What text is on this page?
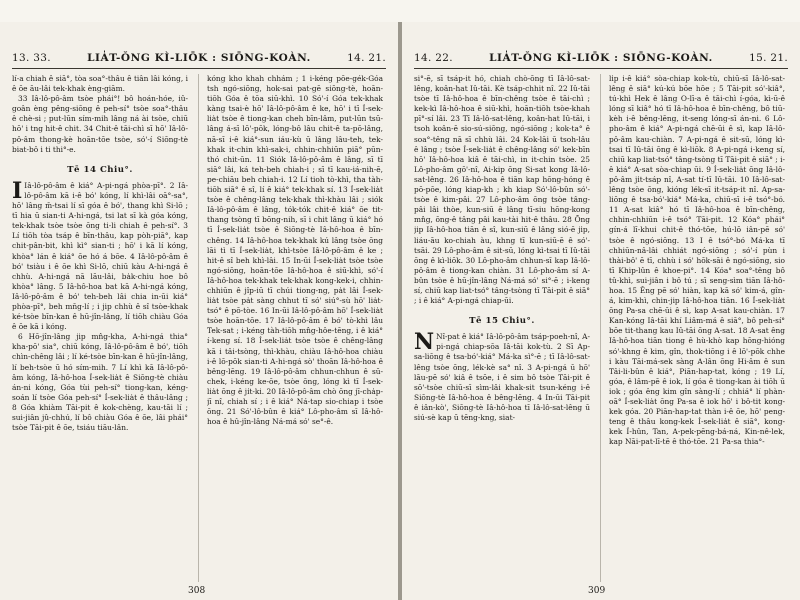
13. 33.	LIA̍T-ŎNG KÌ-LIŌK : SIŌNG-KOÀN.	14. 21.

lí-a chiah ê siā°, tòa soa°-thâu ê tiân lâi kóng, i ê ōe āu-lâi tek-khak èng-giām.

33 Iâ-lô-pô-âm tsòe phái°! bô hoán-hóe, iû-goân èng pêng-siōng ê peh-sí° tsòe soa°-thâu ê chè-si ; put-lūn sím-mih lâng ná ài tsòe, chiū hō' i tng hit-ê chit. 34 Chit-ê tāi-chì sī hō' Iâ-lô-pô-âm thong-kè hoān-tōe tsòe, só'-í Siōng-tè biat-bô i ti thi°-e.

Tē 14 Chiu°.

I Iâ-lô-pô-âm ê kiá° A-pi-ngá phòa-pī°. 2 Iâ-lô-pô-âm kā i-ê bó' kóng, lí khì-lâi oā°-sa°, hō' lâng m̄-tsai lí sī góa ê bó', thang khì Si-lō ; tī hia ū sian-ti A-hi-ngá, tsi lat sī kà góa kóng, tek-khak tsòe tsòe ōng ti-li chiah ê peh-sí°. 3 Lí tiōh tòa tsáp ê bīn-thâu, kap pòh-piā°, kap chit-pân-bit, khì kì° sian-ti ; hō' i kā lí kóng, khòa° lán ê kiá° ōe hó á bōe. 4 Iâ-lô-pô-âm ê bó' tsiàu i ê ōe khì Si-lō, chiū kàu A-hi-ngá ê chhù. A-hi-ngá nā lāu-lâi, ba̍k-chiu hoe bô khòa° lâng. 5 Iâ-hô-hoa bat kā A-hi-ngá kóng, Iâ-lô-pô-âm ê bó' teh-beh lâi chia in-ūi kiá° phòa-pī°, beh mn̄g-lí ; i jip chhù ê sî tsòe-khak ké-tsòe bīn-kan ê hū-jîn-lâng, lí tiōh chiàu Góa ê ōe kā i kóng.

6 Hō-jîn-lâng jip mn̂g-kha, A-hi-ngá thia° kha-pō' sia°, chiū kóng, Iâ-lô-pô-âm ê bó', tiōh chìn-chêng lâi ; lí ké-tsòe bīn-kan ê hū-jîn-lâng, lí beh-tsòe ū hó sím-mih. 7 Lí khì kā Iâ-lô-pô-âm kóng, Iâ-hô-hoa Í-sek-lia̍t ê Siōng-tè chiàu án-ni kóng, Góa tùi peh-sí° tiong-kan, kéng-soán lí tsòe Góa peh-sí° Í-sek-lia̍t ê thâu-lâng ; 8 Góa khiàm Tāi-pit ê kok-chèng, kau-tāi lí ; sui-jiân jû-chhú, lí bô chiàu Góa ê ōe, lâi phái° tsòe Tāi-pit ê ōe, tsiáu tiāu-lân.

kóng kho khah chhám ; 1 i-kéng pōe-gék-Góa tsh ngó-siōng, hok-sai pat-gē siōng-tè, hoān-tiōh Góa ê tōa siū-khì. 10 Só'-í Góa tek-khak kàng tsai-è hō' Iâ-lô-pô-âm ê ke, hō' i tī Í-sek-lia̍t tsòe ê tiong-kan cheh bīn-lâm, put-lūn tsū-lâng á-sī lō'-pōk, lóng-bô lâu chit-ê ta-pō-lâng, nā-sī i-ê kiá°-sun iáu-kù ū lâng lâu-teh, tek-khak it-chin khì-sak-i, chhin-chhiūn piā° pūn-thó chit-ūn. 11 Siók Iâ-lô-pô-âm ê lâng, sī tī siā° lâi, ká teh-beh chiah-i ; sī tī kau-iá-nih-ē, pe-chiāu beh chiah-i. 12 Lí tioh tò-khì, tha tàh-tiōh siā° ê sî, lí ê kiá° tek-khak sí. 13 Í-sek-lia̍t tsòe ê chêng-lâng tek-khak thì-khàu lâi ; siók Iâ-lô-pô-âm ê lâng, tók-tók chit-ê kiá° ōe tit-thang tsòng tī bōng-nih, sī i chit lâng ū kiá° hó tī Í-sek-lia̍t tsòe ê Siōng-tè Iâ-hô-hoa ê bīn-chêng. 14 Iâ-hô-hoa tek-khak kú lâng tsòe ōng lāi tì tī Í-sek-lia̍t, khì-tsòe Iâ-lô-pô-âm ê ke ; hit-ê sî beh khì-lâi. 15 In-ūi Í-sek-lia̍t tsòe tsòe ngó-siōng, hoān-tōe Iâ-hô-hoa ê siū-khì, só'-í Iâ-hô-hoa tek-khak tek-khak kong-kek-i, chhin-chhiūn ê jîp-iū tī chúi tiong-ng, pa̍t lâi Í-sek-lia̍t tsòe pa̍t sàng chhut tī só' siú°-sù hō' lia̍t-tsó° ê pō-tòe. 16 In-ūi Iâ-lô-pô-âm hō' Í-sek-lia̍t tsòe hoān-tōe. 17 Iâ-lô-pô-âm ê bó' tò-khì lâu Tek-sat ; i-kéng tàh-tiōh mn̂g-hôe-tēng, i ê kiá° í-keng sí. 18 Í-sek-lia̍t tsòe tsòe ê chêng-lâng kā i tâi-tsòng, thì-khàu, chiàu Iâ-hô-hoa chiàu i-ê lō-pōk sian-ti A-hi-ngá sò' thoān Iâ-hô-hoa ê bêng-lēng. 19 Iâ-lô-pô-âm chhun-chhun ê sū-chek, i-kéng ke-ōe, tsòe ōng, lóng kì tī Í-sek-lia̍t ōng ê ji̍t-ki. 20 Iâ-lô-pô-âm chò ōng jī-cha̍p-jī nî, chiah sí ; i ê kiá° Ná-tap sio-chiap i tsòe ōng. 21 Só'-lô-bûn ê kiá° Lô-pho-âm sī Iâ-hô-hoa ê hû-jîn-lâng Ná-má só' se°-ê.

308
14. 22.	LIA̍T-ŎNG KÌ-LIŌK : SIŌNG-KOÀN.	15. 21.

si°-ē, sī tsáp-it hó, chiah chò-ōng tī Iâ-lô-sat-lêng, koân-hat Iû-tāi. Kè tsáp-chhit nî. 22 Iû-tāi tsòe tī Iâ-hô-hoa ê bīn-chêng tsòe ê tāi-chì ; kek-kì Iâ-hô-hoa ê siū-khì, hoān-tiōh tsòe-khah pī°-sí lâi. 23 Tī Iâ-lô-sat-lêng, koân-hat Iû-tāi, i tsoh koân-ē sio-sú-siōng, ngó-siōng ; kok-ta° ê soa°-têng nā sī chhù lâi. 24 Kok-lāi ū tsoh-lâu ê lâng ; tsòe Í-sek-lia̍t ê chêng-lâng só' kek-bīn hō' Iâ-hô-hoa kiâ ê tāi-chì, in it-chin tsòe. 25 Lô-pho-âm gō'-nî, Ai-kip ōng Si-sat kong Iâ-lô-sat-lêng. 26 Iâ-hô-hoa ê tiān kap hōng-hóng ê pō-pōe, lóng kiap-kh ; kh kiap Só'-lô-bûn só'-tsòe ê kim-pâi. 27 Lô-pho-âm ōng tsòe tâng-pâi lâi thòe, kun-siū ê lâng tī-siu hōng-kong mn̂g, ōng-ê tâng pâi kau-tài hit-ê thâu. 28 Ōng jip Iâ-hô-hoa tiān ê sî, kun-siū ê lâng sió-ē ji̍p, liáu-āu ko-chiah àu, khng tī kun-siū-ē ê só'-tsāi. 29 Lô-pho-âm ê sit-sū, lóng kì-tsai tī Iû-tāi ōng ê kì-liōk. 30 Lô-pho-âm chhun-sī kap Iâ-lô-pô-âm ê tiong-kan chiàn. 31 Lô-pho-âm sí A-bûn tsòe ê hū-jîn-lâng Ná-má só' si°-ē ; i-keng sí, chiū kap liat-tsó° tâng-tsòng tī Tāi-pit ê siā° ; i ê kiá° A-pi-ngá chiap-ūi.

Tē 15 Chiu°.

N Nî-pat ê kiá° Iâ-lô-pô-âm tsáp-poeh-nî, A-pi-ngá chiap-sōa Iâ-tāi kok-tù. 2 Sī Ap-sa-liōng ê tsa-bó'-kiá° Má-ka sì°-ē ; tī Iâ-lô-sat-lêng tsòe ōng, lék-kè sa° nî. 3 A-pi-ngá ū hō' lāu-pē só' kiâ ê tsōe, i ê sim bô tsòe Tāi-pit ê sō'-tsòe chiū-sī sìm-lâi khak-sit tsun-kéng i-ê Siōng-tè Iâ-hô-hoa ê bêng-lēng. 4 In-ūi Tāi-pit ê iân-kò', Siōng-tè Iâ-hô-hoa tī Iâ-lô-sat-lêng ū siú-sè kap ū tēng-kng, siat-

li̍p i-ê kiá° sòa-chiap kok-tù, chiū-sī Iâ-lô-sat-lêng ê siā° kú-kú bōe hōe ; 5 Tāi-pit só'-kiâ°, tú-khì Hek ê lâng O-lī-a ê tāi-chì í-góa, kì-ū-ê lóng sī kiâ° hó tī Iâ-hô-hoa ê bīn-chêng, bô tiū-kèh i-ê bêng-lēng, it-seng lóng-sī án-ni. 6 Lô-pho-âm ê kiá° A-pi-ngá chē-ūi ê sì, kap Iâ-lô-pô-âm kau-chiàn. 7 A-pi-ngá ê sit-sū, lóng kì-tsai tī Iû-tāi ōng ê kì-liōk. 8 A-pi-ngá i-keng sí, chiū kap liat-tsó° tâng-tsòng tī Tāi-pit ê siā° ; i-ê kiá° A-sat sòa-chiap ūi. 9 Í-sek-lia̍t ōng Iâ-lô-pô-âm ji̍t-tsáp nî, A-sat tí-tī Iû-tāi. 10 Iâ-lô-sat-lêng tsòe ōng, kióng lék-sī it-tsáp-it nî. Ap-sa-liōng ê tsa-bó'-kiá° Má-ka, chiū-sī i-ê tsó°-bó. 11 A-sat kiâ° hó tī Iâ-hô-hoa ê bīn-chêng, chhin-chhiūn i-ê tsó° Tāi-pit. 12 Kóa° phái° gín-á lī-khui chit-ê thó-tōe, hú-lō iân-pē só' tsòe ê ngó-siōng. 13 I ê tsó°-bó Má-ka tī chhiūn-nâ-lâi chhiát ngó-siōng ; só'-í pùn i thài-bô' ē tī, chhù i só' hōk-sāi ê ngó-siōng, sio tī Khip-lûn ê khoe-pi°. 14 Kóa° soa°-têng bô tû-khì, sui-jiân i bô tú ; sī seng-sìm tiān Iâ-hô-hoa. 15 Êng pē só' hiàn, kap kā só' kim-á, gîn-á, kim-khì, chin-jip Iâ-hô-hoa tiān. 16 Í-sek-lia̍t ōng Pa-sa chē-ūi ê sì, kap A-sat kau-chiàn. 17 Kan-kóng Iâ-tāi khí Liâm-má ê siā°, bô peh-sí° bōe tit-thang kau Iû-tāi ōng A-sat. 18 A-sat êng Iâ-hô-hoa tiān tiong ê hù-khò kap hōng-hióng só'-khng ê kim, gîn, thok-tiōng i ê lō'-pōk chhe i kàu Tāi-má-sek sàng A-lân ōng Hi-âm ê sun Tâi-li-bûn ê kiá°, Piān-hap-tat, kóng ; 19 Lí, góa, ê lâm-pē ê iok, lí góa ê tiong-kan ài tiōh ū iok ; góa êng kim gîn sàng-lí ; chhiá° lí phàn-oā° Í-sek-lia̍t ōng Pa-sa ê iok hō' i bô-tit kong-kek góa. 20 Piān-hap-tat thàn i-ê ōe, hō' peng-teng ê thâu kong-kek Í-sek-lia̍t ê siā°, kong-kek Í-hûn, Tan, A-pek-pēng-bá-ná, Kin-nê-lek, kap Nāi-pat-lī-tē ê thó-tōe. 21 Pa-sa thia°-

309
